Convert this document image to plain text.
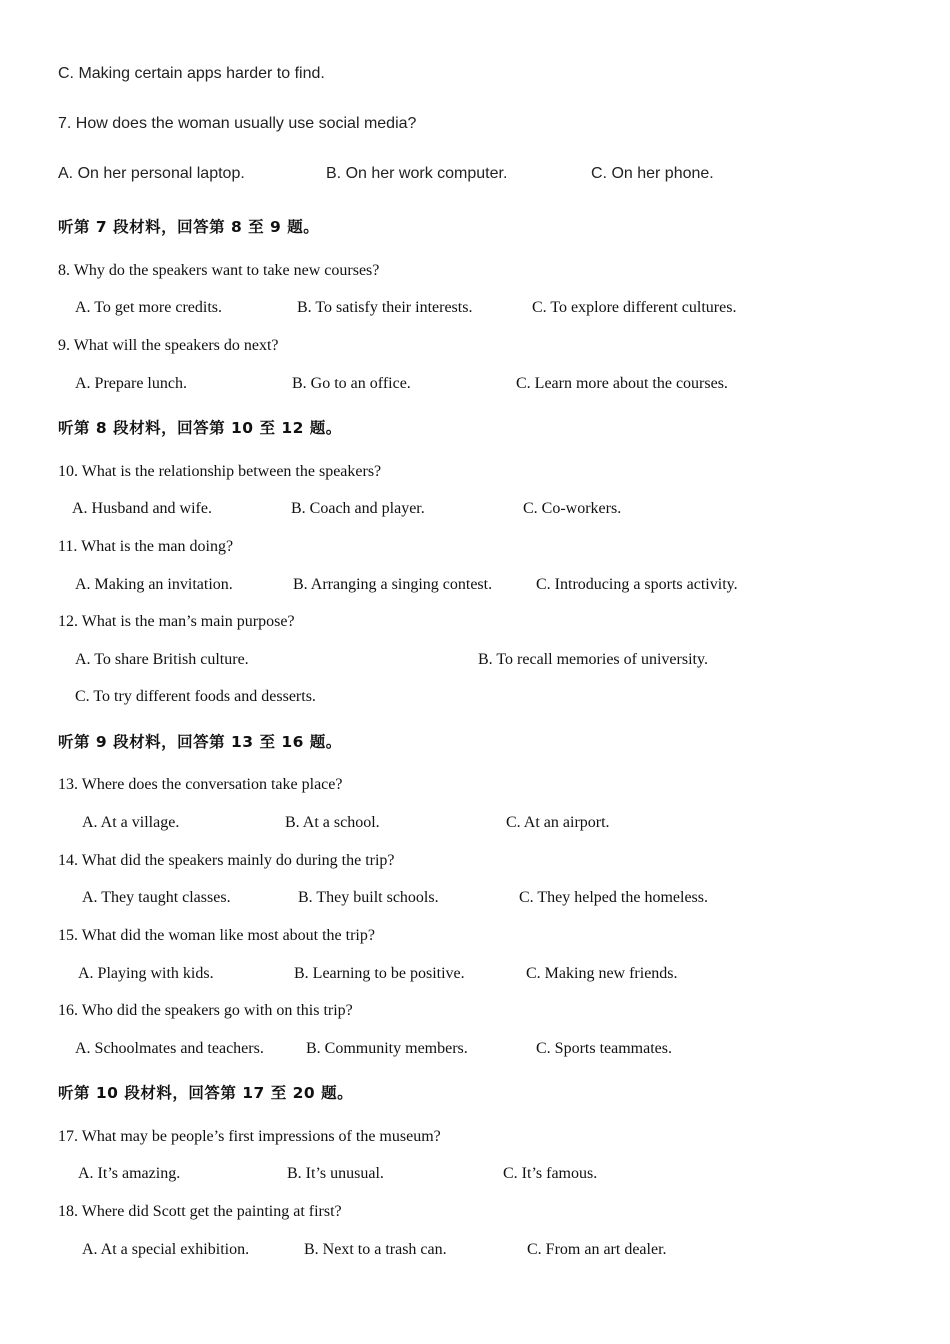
C. Making certain apps harder to find.
7. How does the woman usually use social media?
A. On her personal laptop.	B. On her work computer.	C. On her phone.
听第 7 段材料，回答第 8 至 9 题。
8. Why do the speakers want to take new courses?
A. To get more credits.	B. To satisfy their interests.	C. To explore different cultures.
9. What will the speakers do next?
A. Prepare lunch.	B. Go to an office.	C. Learn more about the courses.
听第 8 段材料，回答第 10 至 12 题。
10. What is the relationship between the speakers?
A. Husband and wife.	B. Coach and player.	C. Co-workers.
11. What is the man doing?
A. Making an invitation.	B. Arranging a singing contest.	C. Introducing a sports activity.
12. What is the man’s main purpose?
A. To share British culture.	B. To recall memories of university.
C. To try different foods and desserts.
听第 9 段材料，回答第 13 至 16 题。
13. Where does the conversation take place?
A. At a village.	B. At a school.	C. At an airport.
14. What did the speakers mainly do during the trip?
A. They taught classes.	B. They built schools.	C. They helped the homeless.
15. What did the woman like most about the trip?
A. Playing with kids.	B. Learning to be positive.	C. Making new friends.
16. Who did the speakers go with on this trip?
A. Schoolmates and teachers.	B. Community members.	C. Sports teammates.
听第 10 段材料，回答第 17 至 20 题。
17. What may be people’s first impressions of the museum?
A. It’s amazing.	B. It’s unusual.	C. It’s famous.
18. Where did Scott get the painting at first?
A. At a special exhibition.	B. Next to a trash can.	C. From an art dealer.
